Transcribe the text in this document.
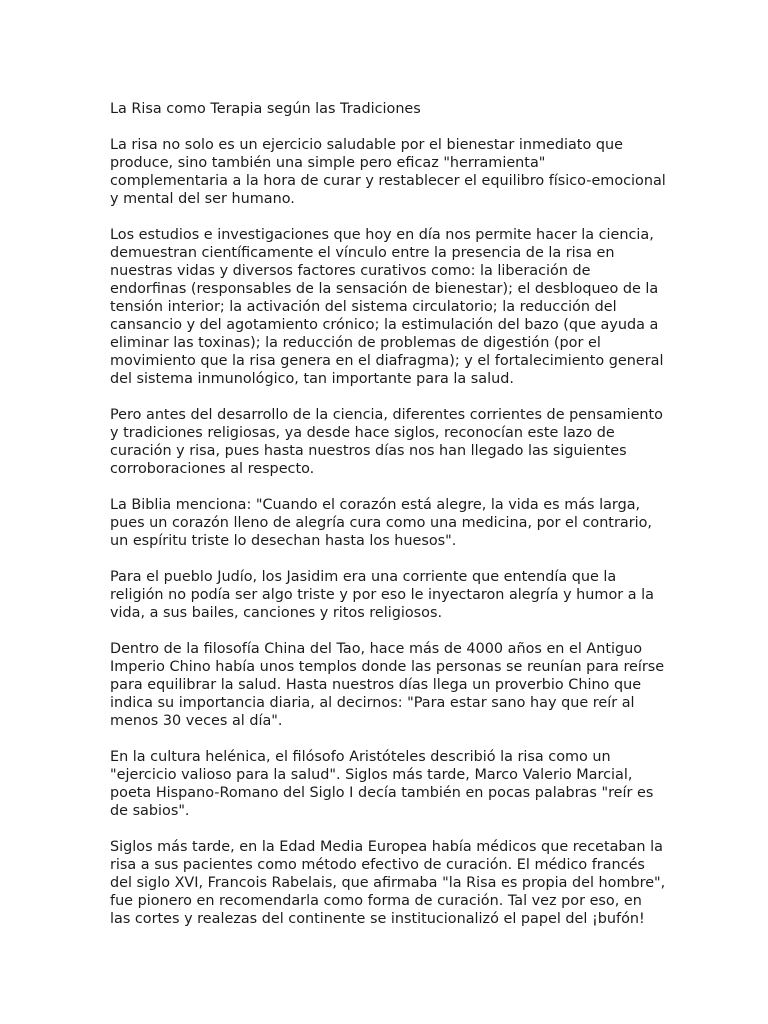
La Risa como Terapia según las Tradiciones
La risa no solo es un ejercicio saludable por el bienestar inmediato que
produce, sino también una simple pero eficaz "herramienta"
complementaria a la hora de curar y restablecer el equilibro físico-emocional
y mental del ser humano.
Los estudios e investigaciones que hoy en día nos permite hacer la ciencia,
demuestran científicamente el vínculo entre la presencia de la risa en
nuestras vidas y diversos factores curativos como: la liberación de
endorfinas (responsables de la sensación de bienestar); el desbloqueo de la
tensión interior; la activación del sistema circulatorio; la reducción del
cansancio y del agotamiento crónico; la estimulación del bazo (que ayuda a
eliminar las toxinas); la reducción de problemas de digestión (por el
movimiento que la risa genera en el diafragma); y el fortalecimiento general
del sistema inmunológico, tan importante para la salud.
Pero antes del desarrollo de la ciencia, diferentes corrientes de pensamiento
y tradiciones religiosas, ya desde hace siglos, reconocían este lazo de
curación y risa, pues hasta nuestros días nos han llegado las siguientes
corroboraciones al respecto.
La Biblia menciona: "Cuando el corazón está alegre, la vida es más larga,
pues un corazón lleno de alegría cura como una medicina, por el contrario,
un espíritu triste lo desechan hasta los huesos".
Para el pueblo Judío, los Jasidim era una corriente que entendía que la
religión no podía ser algo triste y por eso le inyectaron alegría y humor a la
vida, a sus bailes, canciones y ritos religiosos.
Dentro de la filosofía China del Tao, hace más de 4000 años en el Antiguo
Imperio Chino había unos templos donde las personas se reunían para reírse
para equilibrar la salud. Hasta nuestros días llega un proverbio Chino que
indica su importancia diaria, al decirnos: "Para estar sano hay que reír al
menos 30 veces al día".
En la cultura helénica, el filósofo Aristóteles describió la risa como un
"ejercicio valioso para la salud". Siglos más tarde, Marco Valerio Marcial,
poeta Hispano-Romano del Siglo I decía también en pocas palabras "reír es
de sabios".
Siglos más tarde, en la Edad Media Europea había médicos que recetaban la
risa a sus pacientes como método efectivo de curación. El médico francés
del siglo XVI, Francois Rabelais, que afirmaba "la Risa es propia del hombre",
fue pionero en recomendarla como forma de curación. Tal vez por eso, en
las cortes y realezas del continente se institucionalizó el papel del ¡bufón!
